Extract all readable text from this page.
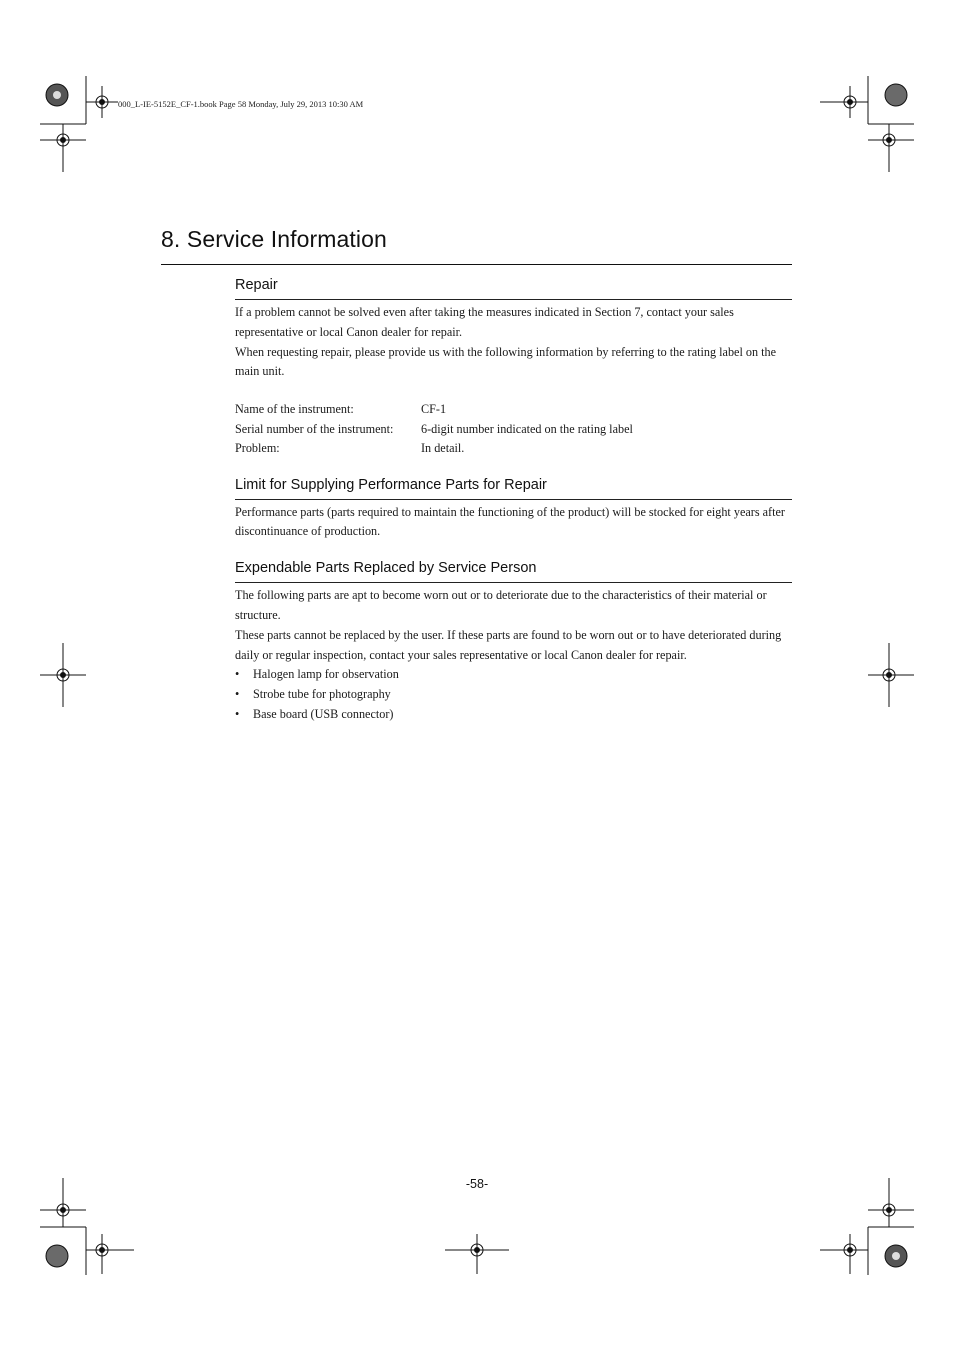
000_L-IE-5152E_CF-1.book Page 58 Monday, July 29, 2013 10:30 AM
8. Service Information
Repair

If a problem cannot be solved even after taking the measures indicated in Section 7, contact your sales representative or local Canon dealer for repair.

When requesting repair, please provide us with the following information by referring to the rating label on the main unit.

Name of the instrument:	CF-1
Serial number of the instrument:	6-digit number indicated on the rating label
Problem:	In detail.
Limit for Supplying Performance Parts for Repair

Performance parts (parts required to maintain the functioning of the product) will be stocked for eight years after discontinuance of production.

Expendable Parts Replaced by Service Person

The following parts are apt to become worn out or to deteriorate due to the characteristics of their material or structure.

These parts cannot be replaced by the user. If these parts are found to be worn out or to have deteriorated during daily or regular inspection, contact your sales representative or local Canon dealer for repair.

•	Halogen lamp for observation
•	Strobe tube for photography
•	Base board (USB connector)
-58-
